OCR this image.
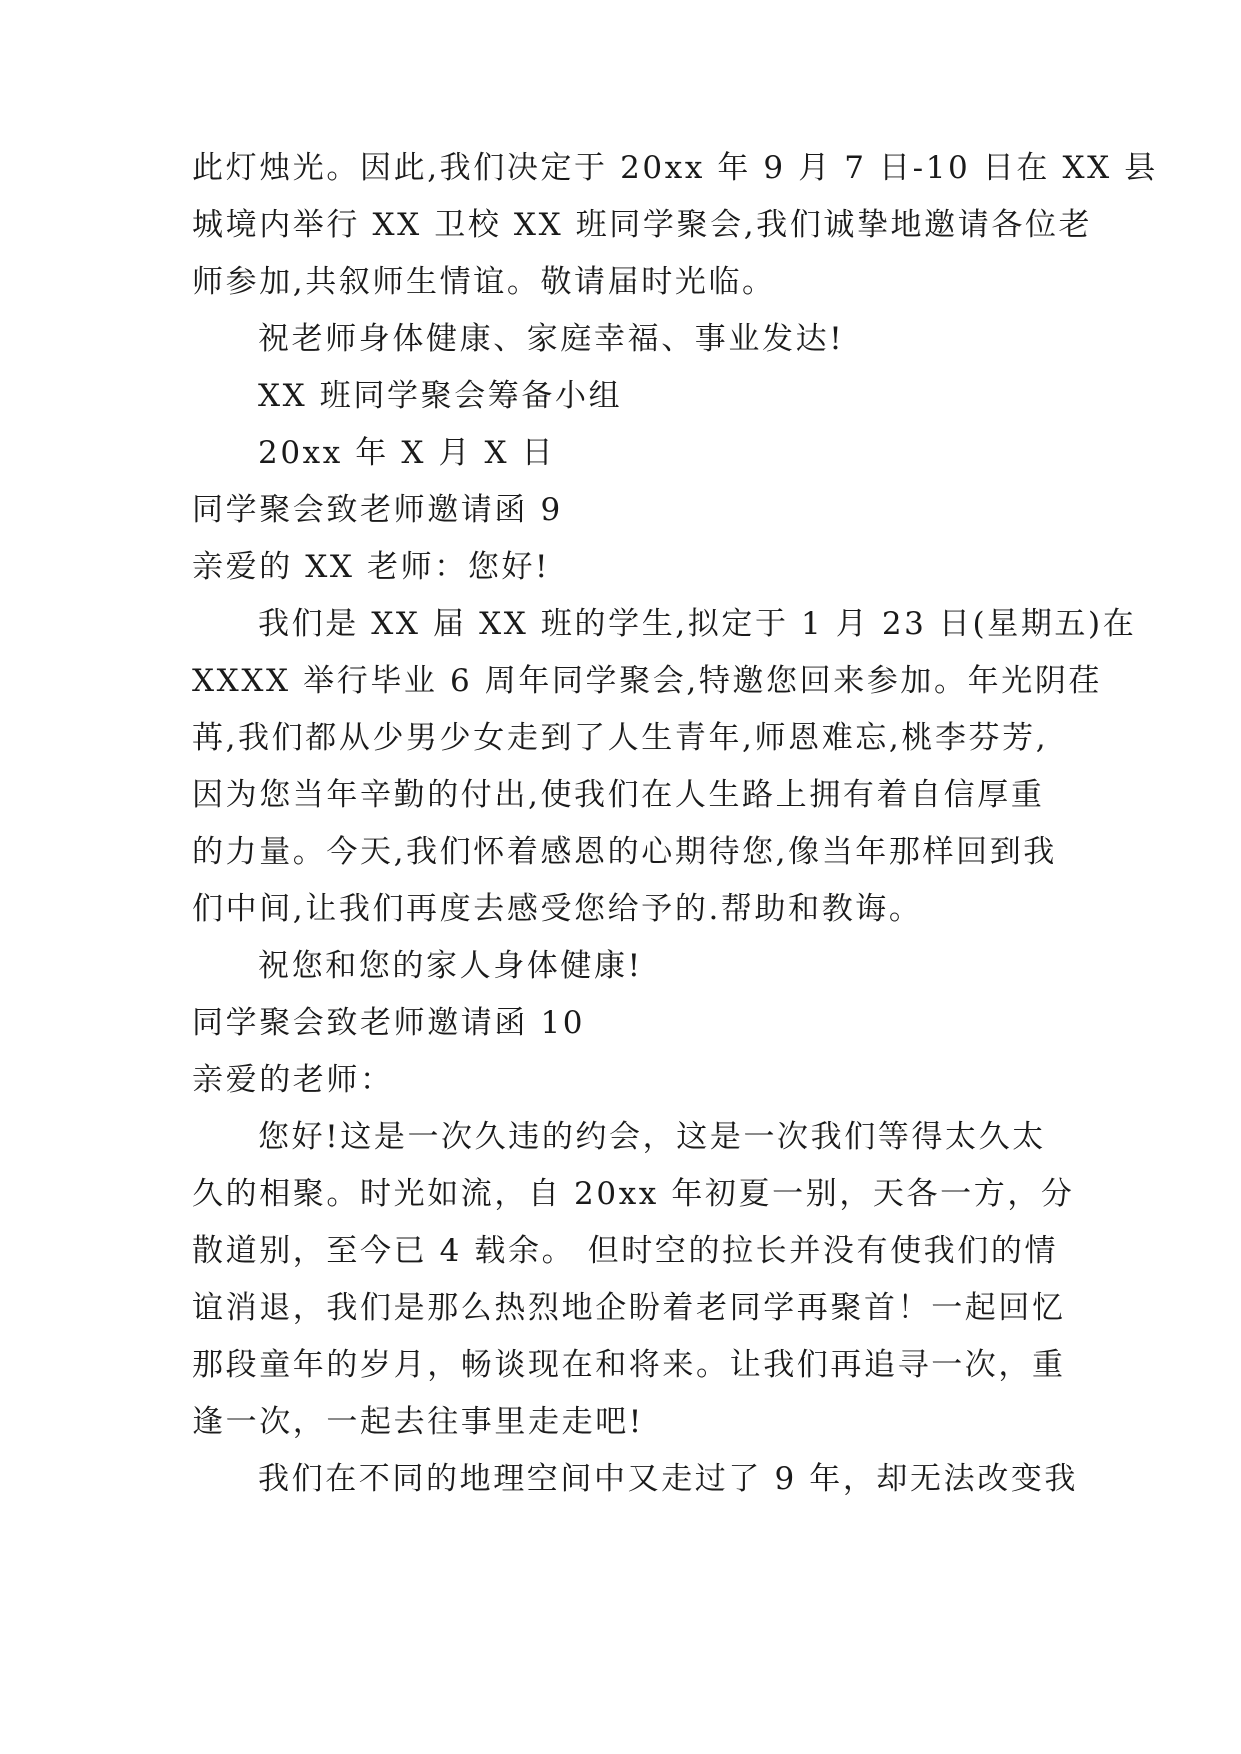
此灯烛光。因此,我们决定于 20xx 年 9 月 7 日-10 日在 XX 县
城境内举行 XX 卫校 XX 班同学聚会,我们诚挚地邀请各位老
师参加,共叙师生情谊。敬请届时光临。
祝老师身体健康、家庭幸福、事业发达!
XX 班同学聚会筹备小组
20xx 年 X 月 X 日
同学聚会致老师邀请函 9
亲爱的 XX 老师：您好!
我们是 XX 届 XX 班的学生,拟定于 1 月 23 日(星期五)在
XXXX 举行毕业 6 周年同学聚会,特邀您回来参加。年光阴荏
苒,我们都从少男少女走到了人生青年,师恩难忘,桃李芬芳,
因为您当年辛勤的付出,使我们在人生路上拥有着自信厚重
的力量。今天,我们怀着感恩的心期待您,像当年那样回到我
们中间,让我们再度去感受您给予的.帮助和教诲。
祝您和您的家人身体健康!
同学聚会致老师邀请函 10
亲爱的老师：
您好!这是一次久违的约会，这是一次我们等得太久太
久的相聚。时光如流，自 20xx 年初夏一别，天各一方，分
散道别，至今已 4 载余。 但时空的拉长并没有使我们的情
谊消退，我们是那么热烈地企盼着老同学再聚首！一起回忆
那段童年的岁月，畅谈现在和将来。让我们再追寻一次，重
逢一次，一起去往事里走走吧!
我们在不同的地理空间中又走过了 9 年，却无法改变我
